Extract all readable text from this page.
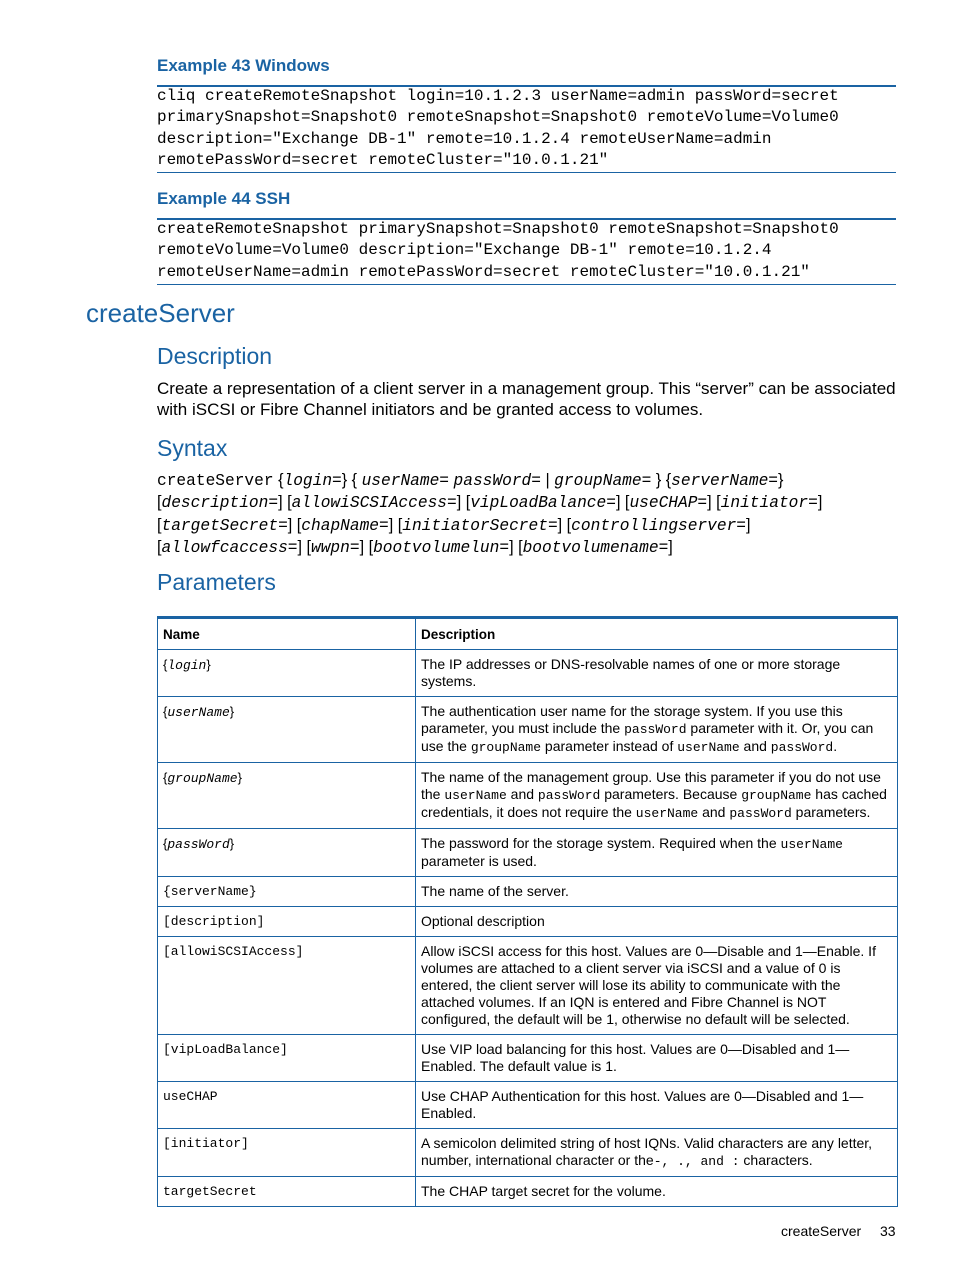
Example 43 Windows
cliq createRemoteSnapshot login=10.1.2.3 userName=admin passWord=secret
primarySnapshot=Snapshot0 remoteSnapshot=Snapshot0 remoteVolume=Volume0
description="Exchange DB-1" remote=10.1.2.4 remoteUserName=admin
remotePassWord=secret remoteCluster="10.0.1.21"
Example 44 SSH
createRemoteSnapshot primarySnapshot=Snapshot0 remoteSnapshot=Snapshot0
remoteVolume=Volume0 description="Exchange DB-1" remote=10.1.2.4
remoteUserName=admin remotePassWord=secret remoteCluster="10.0.1.21"
createServer
Description
Create a representation of a client server in a management group. This “server” can be associated with iSCSI or Fibre Channel initiators and be granted access to volumes.
Syntax
createServer {login=} { userName= passWord= | groupName= } {serverName=}
[description=] [allowiSCSIAccess=] [vipLoadBalance=] [useCHAP=] [initiator=]
[targetSecret=] [chapName=] [initiatorSecret=] [controllingserver=]
[allowfcaccess=] [wwpn=] [bootvolumelun=] [bootvolumename=]
Parameters
Name	Description
{login}	The IP addresses or DNS-resolvable names of one or more storage systems.
{userName}	The authentication user name for the storage system. If you use this parameter, you must include the passWord parameter with it. Or, you can use the groupName parameter instead of userName and passWord.
{groupName}	The name of the management group. Use this parameter if you do not use the userName and passWord parameters. Because groupName has cached credentials, it does not require the userName and passWord parameters.
{passWord}	The password for the storage system. Required when the userName
parameter is used.
{serverName}	The name of the server.
[description]	Optional description
[allowiSCSIAccess]	Allow iSCSI access for this host. Values are 0—Disable and 1—Enable. If volumes are attached to a client server via iSCSI and a value of 0 is entered, the client server will lose its ability to communicate with the attached volumes. If an IQN is entered and Fibre Channel is NOT configured, the default will be 1, otherwise no default will be selected.
[vipLoadBalance]	Use VIP load balancing for this host. Values are 0—Disabled and 1—Enabled. The default value is 1.
useCHAP	Use CHAP Authentication for this host. Values are 0—Disabled and 1—Enabled.
[initiator]	A semicolon delimited string of host IQNs. Valid characters are any letter, number, international character or the-, ., and : characters.
targetSecret	The CHAP target secret for the volume.
createServer 33
